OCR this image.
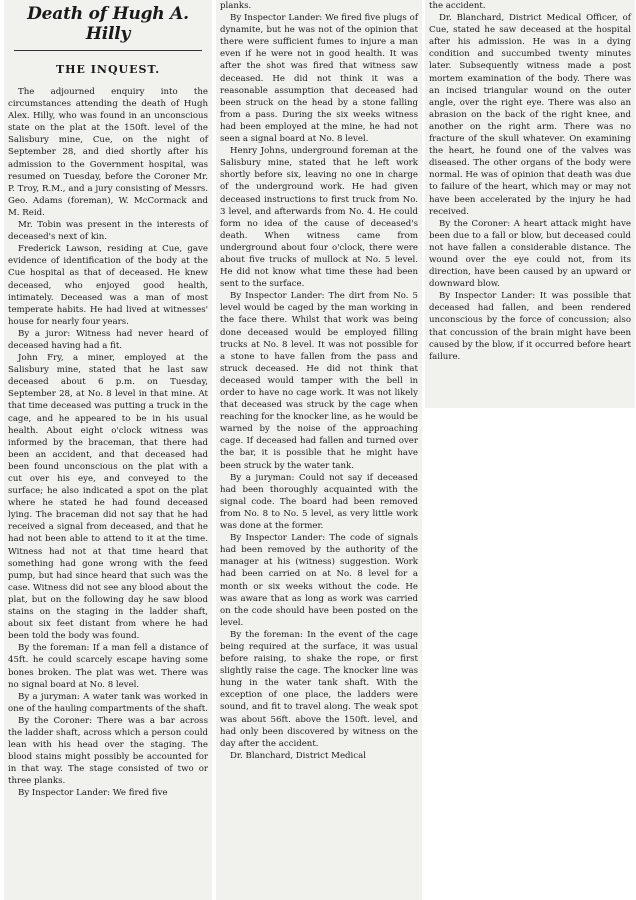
Death of Hugh A. Hilly
THE INQUEST.

The adjourned enquiry into the circumstances attending the death of Hugh Alex. Hilly, who was found in an unconscious state on the plat at the 150ft. level of the Salisbury mine, Cue, on the night of September 28, and died shortly after his admission to the Government hospital, was resumed on Tuesday, before the Coroner Mr. P. Troy, R.M., and a jury consisting of Messrs. Geo. Adams (foreman), W. McCormack and M. Reid.

Mr. Tobin was present in the interests of deceased's next of kin.

Frederick Lawson, residing at Cue, gave evidence of identification of the body at the Cue hospital as that of deceased. He knew deceased, who enjoyed good health, intimately. Deceased was a man of most temperate habits. He had lived at witnesses' house for nearly four years.

By a juror: Witness had never heard of deceased having had a fit.

John Fry, a miner, employed at the Salisbury mine, stated that he last saw deceased about 6 p.m. on Tuesday, September 28, at No. 8 level in that mine. At that time deceased was putting a truck in the cage, and he appeared to be in his usual health. About eight o'clock witness was informed by the braceman, that there had been an accident, and that deceased had been found unconscious on the plat with a cut over his eye, and conveyed to the surface; he also indicated a spot on the plat where he stated he had found deceased lying. The braceman did not say that he had received a signal from deceased, and that he had not been able to attend to it at the time. Witness had not at that time heard that something had gone wrong with the feed pump, but had since heard that such was the case. Witness did not see any blood about the plat, but on the following day he saw blood stains on the staging in the ladder shaft, about six feet distant from where he had been told the body was found.

By the foreman: If a man fell a distance of 45ft. he could scarcely escape having some bones broken. The plat was wet. There was no signal board at No. 8 level.

By a juryman: A water tank was worked in one of the hauling compartments of the shaft.

By the Coroner: There was a bar across the ladder shaft, across which a person could lean with his head over the staging. The blood stains might possibly be accounted for in that way. The stage consisted of two or three planks.

By Inspector Lander: We fired five

planks.

By Inspector Lander: We fired five plugs of dynamite, but he was not of the opinion that there were sufficient fumes to injure a man even if he were not in good health. It was after the shot was fired that witness saw deceased. He did not think it was a reasonable assumption that deceased had been struck on the head by a stone falling from a pass. During the six weeks witness had been employed at the mine, he had not seen a signal board at No. 8 level.

Henry Johns, underground foreman at the Salisbury mine, stated that he left work shortly before six, leaving no one in charge of the underground work. He had given deceased instructions to first truck from No. 3 level, and afterwards from No. 4. He could form no idea of the cause of deceased's death. When witness came from underground about four o'clock, there were about five trucks of mullock at No. 5 level. He did not know what time these had been sent to the surface.

By Inspector Lander: The dirt from No. 5 level would be caged by the man working in the face there. Whilst that work was being done deceased would be employed filling trucks at No. 8 level. It was not possible for a stone to have fallen from the pass and struck deceased. He did not think that deceased would tamper with the bell in order to have no cage work. It was not likely that deceased was struck by the cage when reaching for the knocker line, as he would be warned by the noise of the approaching cage. If deceased had fallen and turned over the bar, it is possible that he might have been struck by the water tank.

By a juryman: Could not say if deceased had been thoroughly acquainted with the signal code. The board had been removed from No. 8 to No. 5 level, as very little work was done at the former.

By Inspector Lander: The code of signals had been removed by the authority of the manager at his (witness) suggestion. Work had been carried on at No. 8 level for a month or six weeks without the code. He was aware that as long as work was carried on the code should have been posted on the level.

By the foreman: In the event of the cage being required at the surface, it was usual before raising, to shake the rope, or first slightly raise the cage. The knocker line was hung in the water tank shaft. With the exception of one place, the ladders were sound, and fit to travel along. The weak spot was about 56ft. above the 150ft. level, and had only been discovered by witness on the day after the accident.

Dr. Blanchard, District Medical

the accident.

Dr. Blanchard, District Medical Officer, of Cue, stated he saw deceased at the hospital after his admission. He was in a dying condition and succumbed twenty minutes later. Subsequently witness made a post mortem examination of the body. There was an incised triangular wound on the outer angle, over the right eye. There was also an abrasion on the back of the right knee, and another on the right arm. There was no fracture of the skull whatever. On examining the heart, he found one of the valves was diseased. The other organs of the body were normal. He was of opinion that death was due to failure of the heart, which may or may not have been accelerated by the injury he had received.

By the Coroner: A heart attack might have been due to a fall or blow, but deceased could not have fallen a considerable distance. The wound over the eye could not, from its direction, have been caused by an upward or downward blow.

By Inspector Lander: It was possible that deceased had fallen, and been rendered unconscious by the force of concussion; also that concussion of the brain might have been caused by the blow, if it occurred before heart failure.
